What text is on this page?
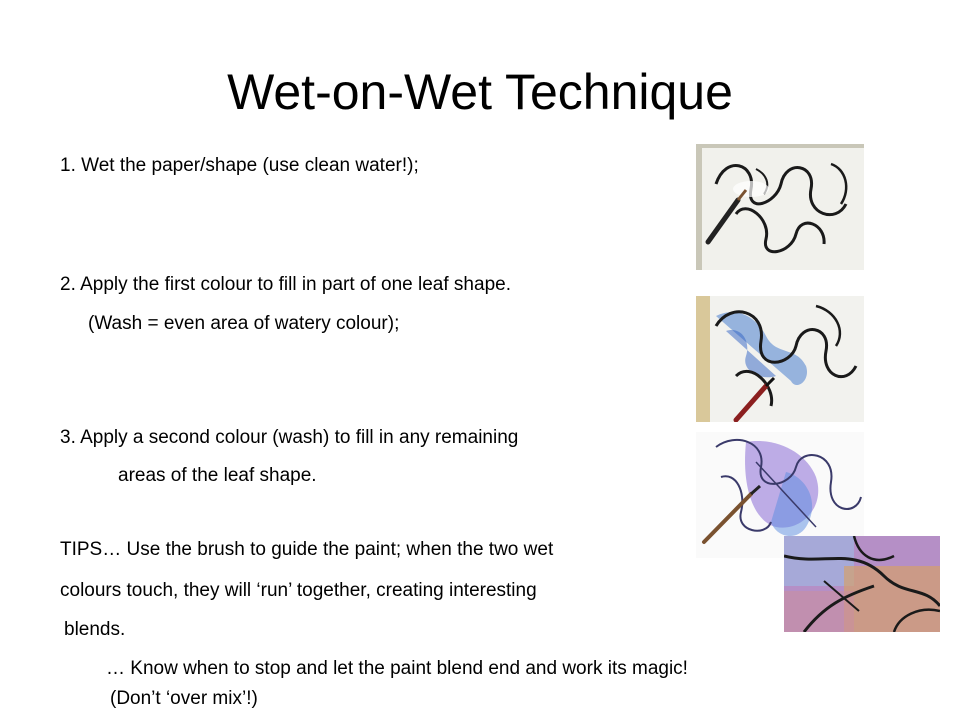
Wet-on-Wet Technique
1. Wet the paper/shape (use clean water!);
2. Apply the first colour to fill in part of one leaf shape.
(Wash = even area of watery colour);
3. Apply a second colour (wash) to fill in any remaining
areas of the leaf shape.
TIPS… Use the brush to guide the paint; when the two wet
colours touch, they will ‘run’ together, creating interesting
blends.
… Know when to stop and let the paint blend end and work its magic!
(Don’t ‘over mix’!)
